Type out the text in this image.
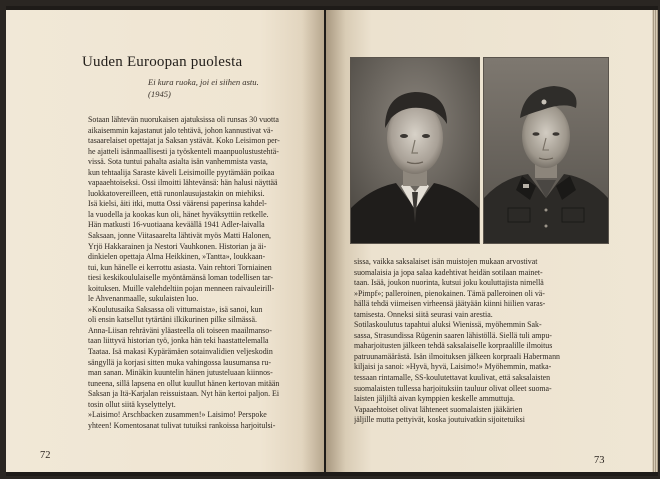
Uuden Euroopan puolesta
Ei kura ruoka, joi ei siihen astu.
(1945)
Sotaan lähtevän nuorukaisen ajatuksissa oli runsas 30 vuotta
aikaisemmin kajastanut jalo tehtävä, johon kannustivat vä-
tasaarelaiset opettajat ja Saksan ystävät. Koko Leisimon per-
he ajatteli isänmaallisesti ja työskenteli maanpuolustustehtä-
vissä. Sota tuntui pahalta asialta isän vanhemmista vasta,
kun tehtaalija Saraste käveli Leisimoille pyytämään poikaa
vapaaehtoiseksi. Ossi ilmoitti lähtevänsä: hän halusi näyttää
luokkatovereilleen, että runonlausujastakin on miehiksi.
Isä kielsi, äiti itki, mutta Ossi väärensi paperinsa kahdel-
la vuodella ja kookas kun oli, hänet hyväksyttiin retkelle.
Hän matkusti 16-vuotiaana keväällä 1941 Adler-laivalla
Saksaan, jonne Viitasaarelta lähtivät myös Matti Halonen,
Yrjö Hakkarainen ja Nestori Vauhkonen. Historian ja äi-
dinkielen opettaja Alma Heikkinen, »Tantta», loukkaan-
tui, kun hänelle ei kerrottu asiasta. Vain rehtori Torniainen
tiesi keskikoululaiselle myöntämänsä loman todellisen tar-
koituksen. Muille valehdeltiin pojan menneen raivauleirill-
le Ahvenanmaalle, sukulaisten luo.
»Koulutusaika Saksassa oli vittumaista», isä sanoi, kun
oli ensin katsellut tytärtäni ilkikurinen pilke silmässä.
Anna-Liisan rehräväni yläasteella oli toiseen maailmanso-
taan liittyvä historian työ, jonka hän teki haastattelemalla
Taataa. Isä makasi Kypärämäen sotainvalidien veljeskodin
sängyllä ja korjasi sitten muka vahingossa lausumansa ru-
man sanan. Minäkin kuuntelin hänen jutusteluaan kiinnos-
tuneena, sillä lapsena en ollut kuullut hänen kertovan mitään
Saksan ja Itä-Karjalan reissuistaan. Nyt hän kertoi paljon. Ei
tosin ollut siitä kyselyttelyt.
»Laisimo! Arschbacken zusammen!» Laisimo! Perspoke
yhteen! Komentosanat tulivat tutuiksi rankoissa harjoitulsi-
72
sissa, vaikka saksalaiset isän muistojen mukaan arvostivat
suomalaisia ja jopa salaa kadehtivat heidän sotilaan mainet-
taan. Isää, joukon nuorinta, kutsui joku kouluttajista nimellä
»Pimpf»; palleroinen, pienokainen. Tämä palleroinen oli vä-
hällä tehdä viimeisen virheensä jäätyään kiinni hiilien varas-
tamisesta. Onneksi siitä seurasi vain arestia.
Sotilaskoulutus tapahtui aluksi Wienissä, myöhemmin Sak-
sassa, Strasundissa Rügenin saaren lähistöllä. Siellä tuli ampu-
maharjoitusten jälkeen tehdä saksalaiselle korpraalille ilmoitus
patruunamäärästä. Isän ilmoituksen jälkeen korpraali Habermann
kiljaisi ja sanoi: »Hyvä, hyvä, Laisimo!» Myöhemmin, matka-
tessaan rintamalle, SS-koulutettavat kuulivat, että saksalaisten
suomalaisten tullessa harjoituksiin tauluur olivat olleet suoma-
laisten jäljiltä aivan kymppien keskelle ammuttuja.
Vapaaehtoiset olivat lähteneet suomalaisten jääkärien
jäljille mutta pettyivät, koska joutuivatkin sijoitetuiksi
73
